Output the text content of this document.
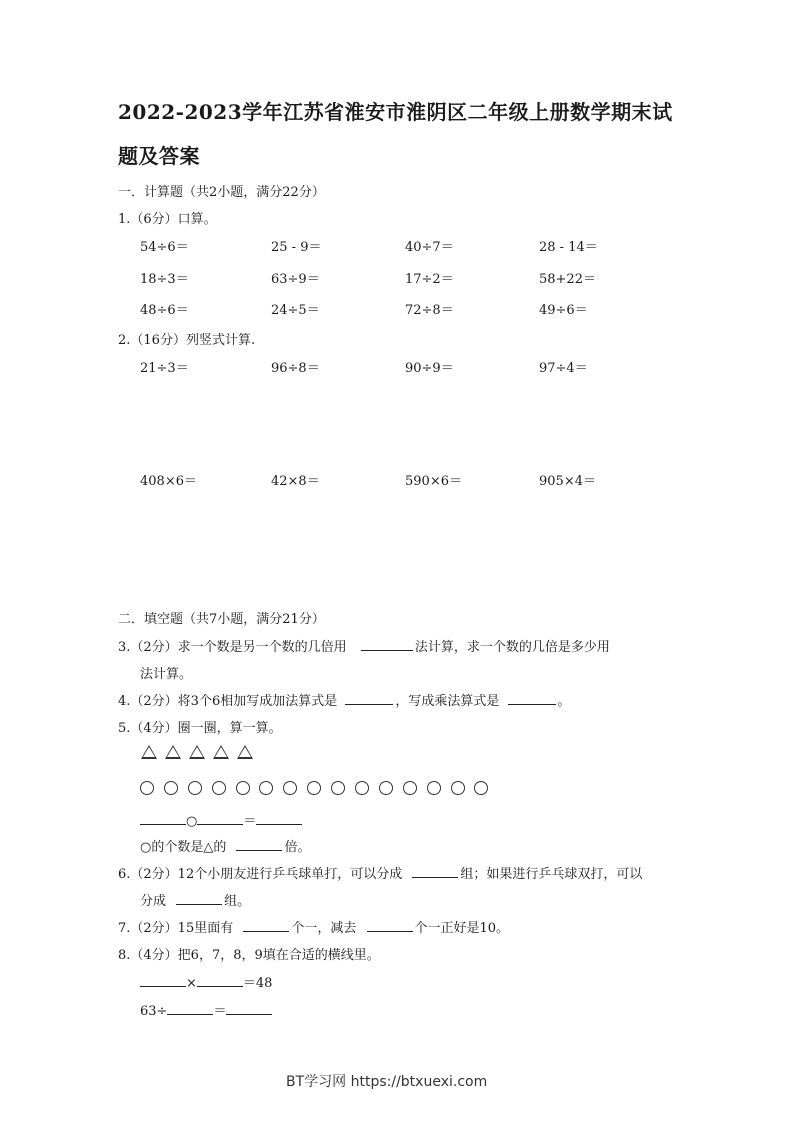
2022-2023学年江苏省淮安市淮阴区二年级上册数学期末试
题及答案
一．计算题（共2小题，满分22分）
1.（6分）口算。
54÷6＝	25 - 9＝	40÷7＝	28 - 14＝
18÷3＝	63÷9＝	17÷2＝	58+22＝
48÷6＝	24÷5＝	72÷8＝	49÷6＝
2.（16分）列竖式计算.
21÷3＝	96÷8＝	90÷9＝	97÷4＝
408×6＝	42×8＝	590×6＝	905×4＝
二．填空题（共7小题，满分21分）
3.（2分）求一个数是另一个数的几倍用	法计算，求一个数的几倍是多少用
法计算。
4.（2分）将3个6相加写成加法算式是	，写成乘法算式是	。
5.（4分）圈一圈，算一算。
○	＝
○的个数是△的	倍。
6.（2分）12个小朋友进行乒乓球单打，可以分成	组；如果进行乒乓球双打，可以
分成	组。
7.（2分）15里面有	个一，减去	个一正好是10。
8.（4分）把6，7，8，9填在合适的横线里。
×	＝48
63÷	＝
BT学习网 https://btxuexi.com
